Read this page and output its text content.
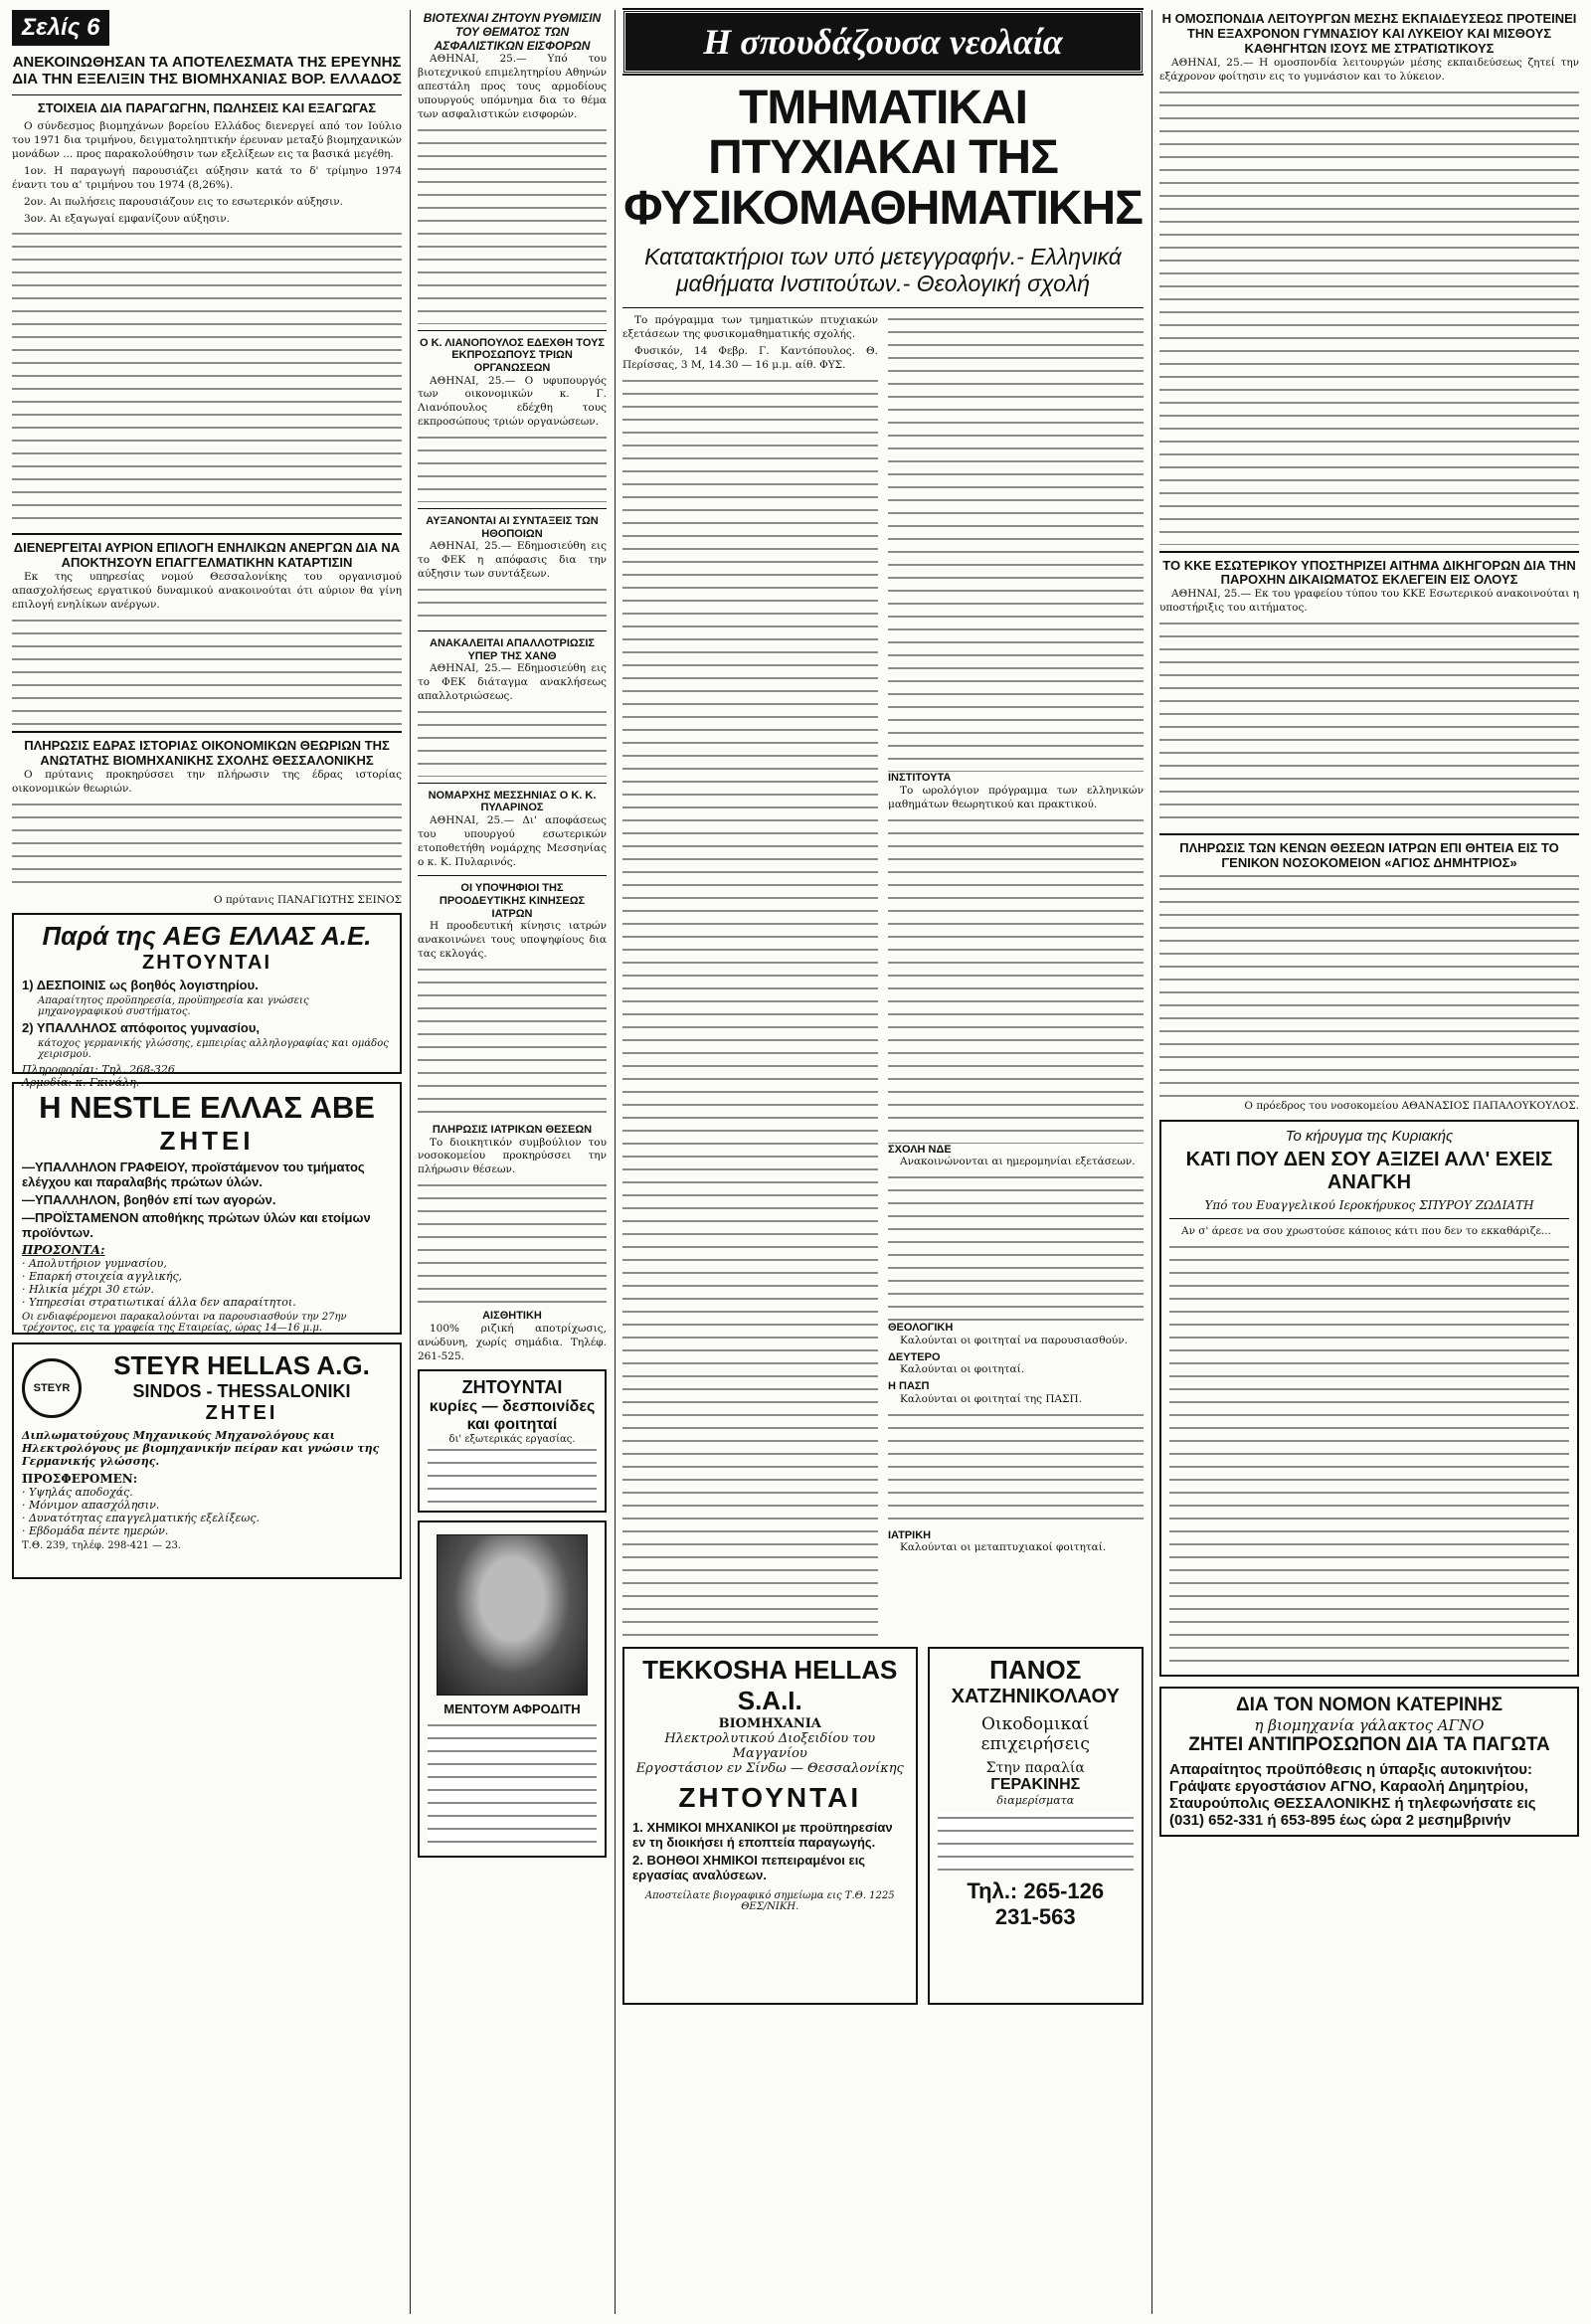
Σελίς 6
ΑΝΕΚΟΙΝΩΘΗΣΑΝ ΤΑ ΑΠΟΤΕΛΕΣΜΑΤΑ ΤΗΣ ΕΡΕΥΝΗΣ ΔΙΑ ΤΗΝ ΕΞΕΛΙΞΙΝ ΤΗΣ ΒΙΟΜΗΧΑΝΙΑΣ ΒΟΡ. ΕΛΛΑΔΟΣ
ΣΤΟΙΧΕΙΑ ΔΙΑ ΠΑΡΑΓΩΓΗΝ, ΠΩΛΗΣΕΙΣ ΚΑΙ ΕΞΑΓΩΓΑΣ

Ο σύνδεσμος βιομηχάνων βορείου Ελλάδος διενεργεί από τον Ιούλιο του 1971 δια τριμήνου, δειγματοληπτικήν έρευναν μεταξύ βιομηχανικών μονάδων ... προς παρακολούθησιν των εξελίξεων εις τα βασικά μεγέθη.

1ον. Η παραγωγή παρουσιάζει αύξησιν κατά το δ' τρίμηνο 1974 έναντι του α' τριμήνου του 1974 (8,26%).

2ον. Αι πωλήσεις παρουσιάζουν εις το εσωτερικόν αύξησιν.

3ον. Αι εξαγωγαί εμφανίζουν αύξησιν.

ΔΙΕΝΕΡΓΕΙΤΑΙ ΑΥΡΙΟΝ ΕΠΙΛΟΓΗ ΕΝΗΛΙΚΩΝ ΑΝΕΡΓΩΝ ΔΙΑ ΝΑ ΑΠΟΚΤΗΣΟΥΝ ΕΠΑΓΓΕΛΜΑΤΙΚΗΝ ΚΑΤΑΡΤΙΣΙΝ

Εκ της υπηρεσίας νομού Θεσσαλονίκης του οργανισμού απασχολήσεως εργατικού δυναμικού ανακοινούται ότι αύριον θα γίνη επιλογή ενηλίκων ανέργων.

ΠΛΗΡΩΣΙΣ ΕΔΡΑΣ ΙΣΤΟΡΙΑΣ ΟΙΚΟΝΟΜΙΚΩΝ ΘΕΩΡΙΩΝ ΤΗΣ ΑΝΩΤΑΤΗΣ ΒΙΟΜΗΧΑΝΙΚΗΣ ΣΧΟΛΗΣ ΘΕΣΣΑΛΟΝΙΚΗΣ

Ο πρύτανις προκηρύσσει την πλήρωσιν της έδρας ιστορίας οικονομικών θεωριών.

Ο πρύτανις ΠΑΝΑΓΙΩΤΗΣ ΣΕΙΝΟΣ

Παρά της AEG ΕΛΛΑΣ Α.Ε.
ΖΗΤΟΥΝΤΑΙ
1) ΔΕΣΠΟΙΝΙΣ ως βοηθός λογιστηρίου.
Απαραίτητος προϋπηρεσία, προϋπηρεσία και γνώσεις μηχανογραφικού συστήματος.
2) ΥΠΑΛΛΗΛΟΣ απόφοιτος γυμνασίου,
κάτοχος γερμανικής γλώσσης, εμπειρίας αλληλογραφίας και ομάδος χειρισμού.
Πληροφορίαι: Τηλ. 268-326
Αρμοδία: κ. Γκινάλη.
Η NESTLE ΕΛΛΑΣ ΑΒΕ
ΖΗΤΕΙ
—ΥΠΑΛΛΗΛΟΝ ΓΡΑΦΕΙΟΥ, προϊστάμενον του τμήματος ελέγχου και παραλαβής πρώτων ύλών.
—ΥΠΑΛΛΗΛΟΝ, βοηθόν επί των αγορών.
—ΠΡΟΪΣΤΑΜΕΝΟΝ αποθήκης πρώτων ύλών και ετοίμων προϊόντων.
ΠΡΟΣΟΝΤΑ:
· Απολυτήριον γυμνασίου,
· Επαρκή στοιχεία αγγλικής,
· Ηλικία μέχρι 30 ετών.
· Υπηρεσίαι στρατιωτικαί άλλα δεν απαραίτητοι.
Οι ενδιαφέρομενοι παρακαλούνται να παρουσιασθούν την 27ην τρέχοντος, εις τα γραφεία της Εταιρείας, ώρας 14—16 μ.μ.
STEYR
STEYR HELLAS A.G.
SINDOS - THESSALONIKI
ΖΗΤΕΙ
Διπλωματούχους Μηχανικούς Μηχανολόγους και Ηλεκτρολόγους με βιομηχανικήν πείραν και γνώσιν της Γερμανικής γλώσσης.
ΠΡΟΣΦΕΡΟΜΕΝ:
· Υψηλάς αποδοχάς.
· Μόνιμον απασχόλησιν.
· Δυνατότητας επαγγελματικής εξελίξεως.
· Εβδομάδα πέντε ημερών.
Τ.Θ. 239, τηλέφ. 298-421 — 23.
ΒΙΟΤΕΧΝΑΙ ΖΗΤΟΥΝ ΡΥΘΜΙΣΙΝ ΤΟΥ ΘΕΜΑΤΟΣ ΤΩΝ ΑΣΦΑΛΙΣΤΙΚΩΝ ΕΙΣΦΟΡΩΝ

ΑΘΗΝΑΙ, 25.— Υπό του βιοτεχνικού επιμελητηρίου Αθηνών απεστάλη προς τους αρμοδίους υπουργούς υπόμνημα δια το θέμα των ασφαλιστικών εισφορών.

Ο Κ. ΛΙΑΝΟΠΟΥΛΟΣ ΕΔΕΧΘΗ ΤΟΥΣ ΕΚΠΡΟΣΩΠΟΥΣ ΤΡΙΩΝ ΟΡΓΑΝΩΣΕΩΝ

ΑΘΗΝΑΙ, 25.— Ο υφυπουργός των οικονομικών κ. Γ. Λιανόπουλος εδέχθη τους εκπροσώπους τριών οργανώσεων.

ΑΥΞΑΝΟΝΤΑΙ ΑΙ ΣΥΝΤΑΞΕΙΣ ΤΩΝ ΗΘΟΠΟΙΩΝ

ΑΘΗΝΑΙ, 25.— Εδημοσιεύθη εις το ΦΕΚ η απόφασις δια την αύξησιν των συντάξεων.

ΑΝΑΚΑΛΕΙΤΑΙ ΑΠΑΛΛΟΤΡΙΩΣΙΣ ΥΠΕΡ ΤΗΣ ΧΑΝΘ

ΑΘΗΝΑΙ, 25.— Εδημοσιεύθη εις το ΦΕΚ διάταγμα ανακλήσεως απαλλοτριώσεως.

ΝΟΜΑΡΧΗΣ ΜΕΣΣΗΝΙΑΣ Ο Κ. Κ. ΠΥΛΑΡΙΝΟΣ

ΑΘΗΝΑΙ, 25.— Δι' αποφάσεως του υπουργού εσωτερικών ετοποθετήθη νομάρχης Μεσσηνίας ο κ. Κ. Πυλαρινός.

ΟΙ ΥΠΟΨΗΦΙΟΙ ΤΗΣ ΠΡΟΟΔΕΥΤΙΚΗΣ ΚΙΝΗΣΕΩΣ ΙΑΤΡΩΝ

Η προοδευτική κίνησις ιατρών ανακοινώνει τους υποψηφίους δια τας εκλογάς.

ΠΛΗΡΩΣΙΣ ΙΑΤΡΙΚΩΝ ΘΕΣΕΩΝ

Το διοικητικόν συμβούλιον του νοσοκομείου προκηρύσσει την πλήρωσιν θέσεων.

ΑΙΣΘΗΤΙΚΗ

100% ριζική αποτρίχωσις, ανώδυνη, χωρίς σημάδια. Τηλέφ. 261-525.

ΖΗΤΟΥΝΤΑΙ
κυρίες — δεσποινίδες και φοιτηταί
δι' εξωτερικάς εργασίας.
ΜΕΝΤΟΥΜ ΑΦΡΟΔΙΤΗ
Η σπουδάζουσα νεολαία
ΤΜΗΜΑΤΙΚΑΙ ΠΤΥΧΙΑΚΑΙ ΤΗΣ ΦΥΣΙΚΟΜΑΘΗΜΑΤΙΚΗΣ
Κατατακτήριοι των υπό μετεγγραφήν.- Ελληνικά μαθήματα Ινστιτούτων.- Θεολογική σχολή

Το πρόγραμμα των τμηματικών πτυχιακών εξετάσεων της φυσικομαθηματικής σχολής.

Φυσικόν, 14 Φεβρ. Γ. Καντόπουλος. Θ. Περίσσας, 3 Μ, 14.30 — 16 μ.μ. αίθ. ΦΥΣ.

ΙΝΣΤΙΤΟΥΤΑ

Το ωρολόγιον πρόγραμμα των ελληνικών μαθημάτων θεωρητικού και πρακτικού.

ΣΧΟΛΗ ΝΔΕ

Ανακοινώνονται αι ημερομηνίαι εξετάσεων.

ΘΕΟΛΟΓΙΚΗ

Καλούνται οι φοιτηταί να παρουσιασθούν.

ΔΕΥΤΕΡΟ

Καλούνται οι φοιτηταί.

Η ΠΑΣΠ

Καλούνται οι φοιτηταί της ΠΑΣΠ.

ΙΑΤΡΙΚΗ

Καλούνται οι μεταπτυχιακοί φοιτηταί.

TEKKOSHA HELLAS S.A.I.
ΒΙΟΜΗΧΑΝΙΑ
Ηλεκτρολυτικού Διοξειδίου του Μαγγανίου
Εργοστάσιον εν Σίνδω — Θεσσαλονίκης
ΖΗΤΟΥΝΤΑΙ
1. ΧΗΜΙΚΟΙ ΜΗΧΑΝΙΚΟΙ με προϋπηρεσίαν εν τη διοικήσει ή εποπτεία παραγωγής.
2. ΒΟΗΘΟΙ ΧΗΜΙΚΟΙ πεπειραμένοι εις εργασίας αναλύσεων.
Αποστείλατε βιογραφικό σημείωμα εις Τ.Θ. 1225 ΘΕΣ/ΝΙΚΗ.
ΠΑΝΟΣ
ΧΑΤΖΗΝΙΚΟΛΑΟΥ
Οικοδομικαί επιχειρήσεις
Στην παραλία
ΓΕΡΑΚΙΝΗΣ
διαμερίσματα
Τηλ.: 265-126
231-563
Η ΟΜΟΣΠΟΝΔΙΑ ΛΕΙΤΟΥΡΓΩΝ ΜΕΣΗΣ ΕΚΠΑΙΔΕΥΣΕΩΣ ΠΡΟΤΕΙΝΕΙ ΤΗΝ ΕΞΑΧΡΟΝΟΝ ΓΥΜΝΑΣΙΟΥ ΚΑΙ ΛΥΚΕΙΟΥ ΚΑΙ ΜΙΣΘΟΥΣ ΚΑΘΗΓΗΤΩΝ ΙΣΟΥΣ ΜΕ ΣΤΡΑΤΙΩΤΙΚΟΥΣ

ΑΘΗΝΑΙ, 25.— Η ομοσπονδία λειτουργών μέσης εκπαιδεύσεως ζητεί την εξάχρονον φοίτησιν εις το γυμνάσιον και το λύκειον.

ΤΟ ΚΚΕ ΕΣΩΤΕΡΙΚΟΥ ΥΠΟΣΤΗΡΙΖΕΙ ΑΙΤΗΜΑ ΔΙΚΗΓΟΡΩΝ ΔΙΑ ΤΗΝ ΠΑΡΟΧΗΝ ΔΙΚΑΙΩΜΑΤΟΣ ΕΚΛΕΓΕΙΝ ΕΙΣ ΟΛΟΥΣ

ΑΘΗΝΑΙ, 25.— Εκ του γραφείου τύπου του ΚΚΕ Εσωτερικού ανακοινούται η υποστήριξις του αιτήματος.

ΠΛΗΡΩΣΙΣ ΤΩΝ ΚΕΝΩΝ ΘΕΣΕΩΝ ΙΑΤΡΩΝ ΕΠΙ ΘΗΤΕΙΑ ΕΙΣ ΤΟ ΓΕΝΙΚΟΝ ΝΟΣΟΚΟΜΕΙΟΝ «ΑΓΙΟΣ ΔΗΜΗΤΡΙΟΣ»

Ο πρόεδρος του νοσοκομείου ΑΘΑΝΑΣΙΟΣ ΠΑΠΑΛΟΥΚΟΥΛΟΣ.

Το κήρυγμα της Κυριακής
ΚΑΤΙ ΠΟΥ ΔΕΝ ΣΟΥ ΑΞΙΖΕΙ ΑΛΛ' ΕΧΕΙΣ ΑΝΑΓΚΗ
Υπό του Ευαγγελικού Ιεροκήρυκος ΣΠΥΡΟΥ ΖΩΔΙΑΤΗ

Αν σ' άρεσε να σου χρωστούσε κάποιος κάτι που δεν το εκκαθάριζε...

ΔΙΑ ΤΟΝ ΝΟΜΟΝ ΚΑΤΕΡΙΝΗΣ
η βιομηχανία γάλακτος ΑΓΝΟ
ΖΗΤΕΙ ΑΝΤΙΠΡΟΣΩΠΟΝ ΔΙΑ ΤΑ ΠΑΓΩΤΑ
Απαραίτητος προϋπόθεσις η ύπαρξις αυτοκινήτου: Γράψατε εργοστάσιον ΑΓΝΟ, Καραολή Δημητρίου, Σταυρούπολις ΘΕΣΣΑΛΟΝΙΚΗΣ ή τηλεφωνήσατε εις (031) 652-331 ή 653-895 έως ώρα 2 μεσημβρινήν
